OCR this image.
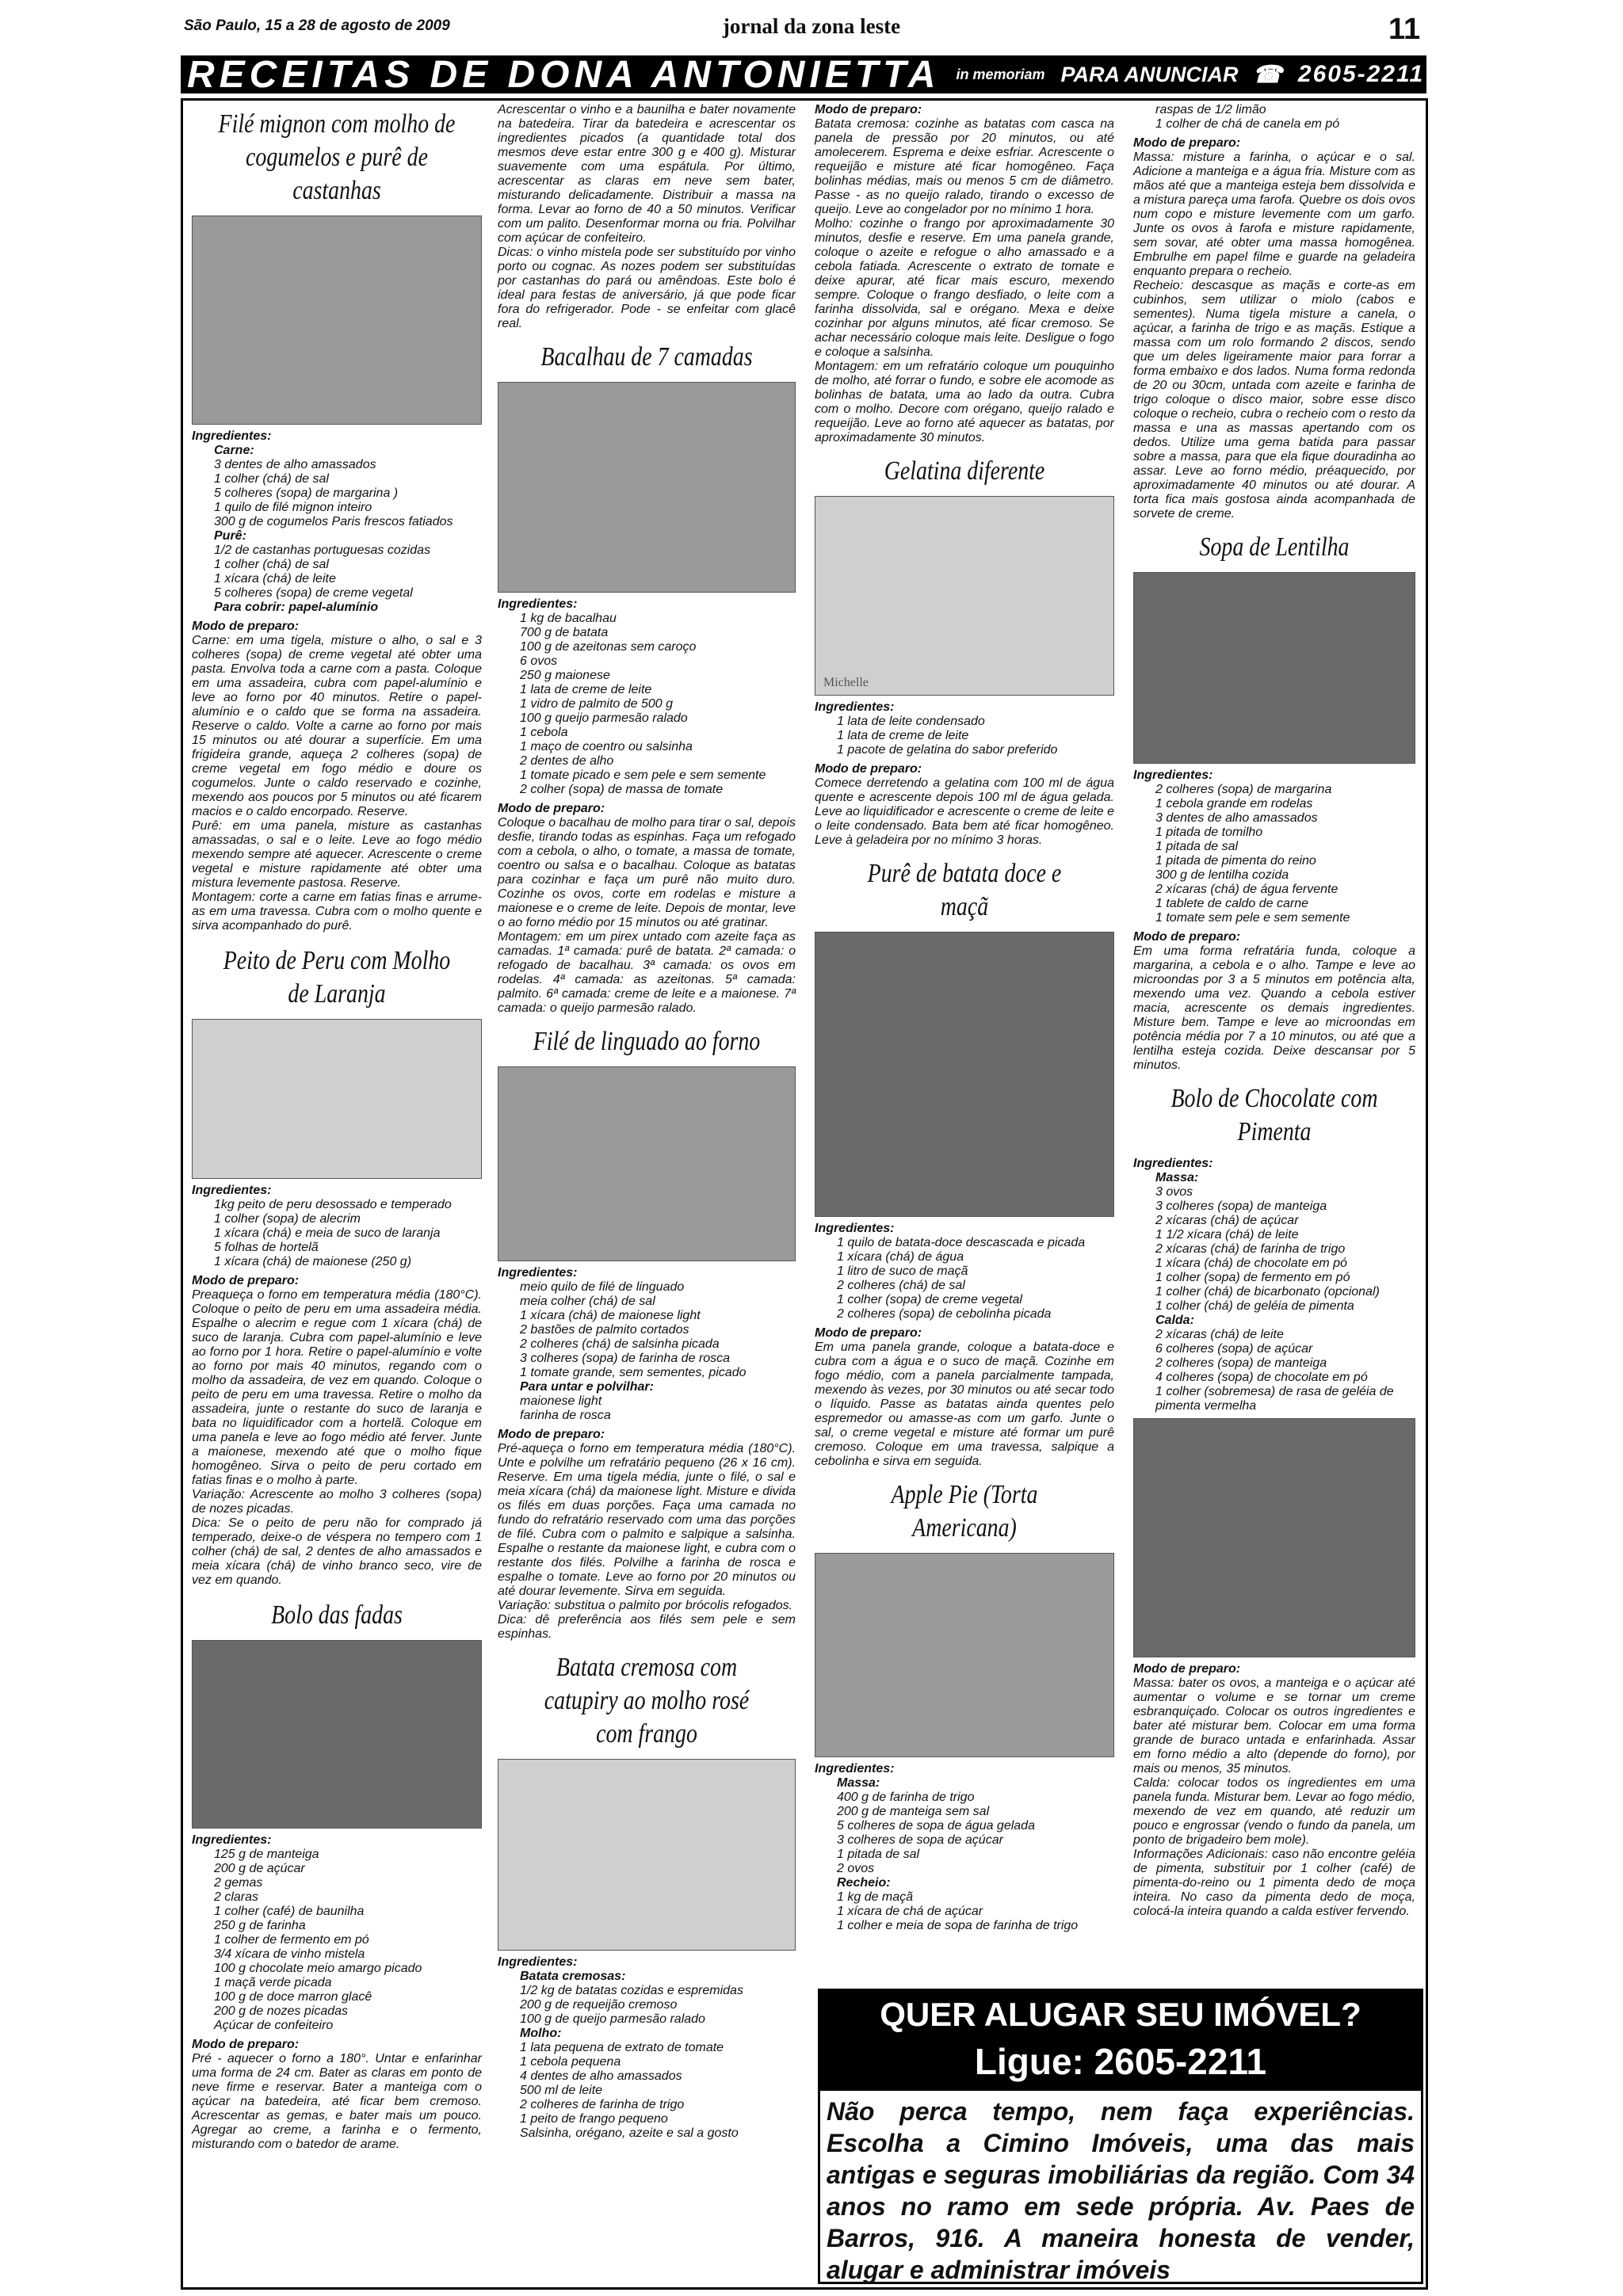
São Paulo, 15 a 28 de agosto de 2009	jornal da zona leste	11
RECEITAS DE DONA ANTONIETTA in memoriam PARA ANUNCIAR ☎ 2605-2211
Filé mignon com molho de cogumelos e purê de castanhas
Ingredientes:
Carne:
3 dentes de alho amassados
1 colher (chá) de sal
5 colheres (sopa) de margarina )
1 quilo de filé mignon inteiro
300 g de cogumelos Paris frescos fatiados
Purê:
1/2 de castanhas portuguesas cozidas
1 colher (chá) de sal
1 xícara (chá) de leite
5 colheres (sopa) de creme vegetal
Para cobrir: papel-alumínio
Modo de preparo:
Carne: em uma tigela, misture o alho, o sal e 3 colheres (sopa) de creme vegetal até obter uma pasta. Envolva toda a carne com a pasta. Coloque em uma assadeira, cubra com papel-alumínio e leve ao forno por 40 minutos. Retire o papel-alumínio e o caldo que se forma na assadeira. Reserve o caldo. Volte a carne ao forno por mais 15 minutos ou até dourar a superfície. Em uma frigideira grande, aqueça 2 colheres (sopa) de creme vegetal em fogo médio e doure os cogumelos. Junte o caldo reservado e cozinhe, mexendo aos poucos por 5 minutos ou até ficarem macios e o caldo encorpado. Reserve.
Purê: em uma panela, misture as castanhas amassadas, o sal e o leite. Leve ao fogo médio mexendo sempre até aquecer. Acrescente o creme vegetal e misture rapidamente até obter uma mistura levemente pastosa. Reserve.
Montagem: corte a carne em fatias finas e arrume-as em uma travessa. Cubra com o molho quente e sirva acompanhado do purê.
Peito de Peru com Molho de Laranja
Ingredientes:
1kg peito de peru desossado e temperado
1 colher (sopa) de alecrim
1 xícara (chá) e meia de suco de laranja
5 folhas de hortelã
1 xícara (chá) de maionese (250 g)
Modo de preparo:
Preaqueça o forno em temperatura média (180°C). Coloque o peito de peru em uma assadeira média. Espalhe o alecrim e regue com 1 xícara (chá) de suco de laranja. Cubra com papel-alumínio e leve ao forno por 1 hora. Retire o papel-alumínio e volte ao forno por mais 40 minutos, regando com o molho da assadeira, de vez em quando. Coloque o peito de peru em uma travessa. Retire o molho da assadeira, junte o restante do suco de laranja e bata no liquidificador com a hortelã. Coloque em uma panela e leve ao fogo médio até ferver. Junte a maionese, mexendo até que o molho fique homogêneo. Sirva o peito de peru cortado em fatias finas e o molho à parte.
Variação: Acrescente ao molho 3 colheres (sopa) de nozes picadas.
Dica: Se o peito de peru não for comprado já temperado, deixe-o de véspera no tempero com 1 colher (chá) de sal, 2 dentes de alho amassados e meia xícara (chá) de vinho branco seco, vire de vez em quando.
Bolo das fadas
Ingredientes:
125 g de manteiga
200 g de açúcar
2 gemas
2 claras
1 colher (café) de baunilha
250 g de farinha
1 colher de fermento em pó
3/4 xícara de vinho mistela
100 g chocolate meio amargo picado
1 maçã verde picada
100 g de doce marron glacê
200 g de nozes picadas
Açúcar de confeiteiro
Modo de preparo:
Pré - aquecer o forno a 180°. Untar e enfarinhar uma forma de 24 cm. Bater as claras em ponto de neve firme e reservar. Bater a manteiga com o açúcar na batedeira, até ficar bem cremoso. Acrescentar as gemas, e bater mais um pouco. Agregar ao creme, a farinha e o fermento, misturando com o batedor de arame.
Acrescentar o vinho e a baunilha e bater novamente na batedeira. Tirar da batedeira e acrescentar os ingredientes picados (a quantidade total dos mesmos deve estar entre 300 g e 400 g). Misturar suavemente com uma espátula. Por último, acrescentar as claras em neve sem bater, misturando delicadamente. Distribuir a massa na forma. Levar ao forno de 40 a 50 minutos. Verificar com um palito. Desenformar morna ou fria. Polvilhar com açúcar de confeiteiro.
Dicas: o vinho mistela pode ser substituído por vinho porto ou cognac. As nozes podem ser substituídas por castanhas do pará ou amêndoas. Este bolo é ideal para festas de aniversário, já que pode ficar fora do refrigerador. Pode - se enfeitar com glacê real.
Bacalhau de 7 camadas
Ingredientes:
1 kg de bacalhau
700 g de batata
100 g de azeitonas sem caroço
6 ovos
250 g maionese
1 lata de creme de leite
1 vidro de palmito de 500 g
100 g queijo parmesão ralado
1 cebola
1 maço de coentro ou salsinha
2 dentes de alho
1 tomate picado e sem pele e sem semente
2 colher (sopa) de massa de tomate
Modo de preparo:
Coloque o bacalhau de molho para tirar o sal, depois desfie, tirando todas as espinhas. Faça um refogado com a cebola, o alho, o tomate, a massa de tomate, coentro ou salsa e o bacalhau. Coloque as batatas para cozinhar e faça um purê não muito duro. Cozinhe os ovos, corte em rodelas e misture a maionese e o creme de leite. Depois de montar, leve o ao forno médio por 15 minutos ou até gratinar.
Montagem: em um pirex untado com azeite faça as camadas. 1ª camada: purê de batata. 2ª camada: o refogado de bacalhau. 3ª camada: os ovos em rodelas. 4ª camada: as azeitonas. 5ª camada: palmito. 6ª camada: creme de leite e a maionese. 7ª camada: o queijo parmesão ralado.
Filé de linguado ao forno
Ingredientes:
meio quilo de filé de linguado
meia colher (chá) de sal
1 xícara (chá) de maionese light
2 bastões de palmito cortados
2 colheres (chá) de salsinha picada
3 colheres (sopa) de farinha de rosca
1 tomate grande, sem sementes, picado
Para untar e polvilhar:
maionese light
farinha de rosca
Modo de preparo:
Pré-aqueça o forno em temperatura média (180°C). Unte e polvilhe um refratário pequeno (26 x 16 cm). Reserve. Em uma tigela média, junte o filé, o sal e meia xícara (chá) da maionese light. Misture e divida os filés em duas porções. Faça uma camada no fundo do refratário reservado com uma das porções de filé. Cubra com o palmito e salpique a salsinha. Espalhe o restante da maionese light, e cubra com o restante dos filés. Polvilhe a farinha de rosca e espalhe o tomate. Leve ao forno por 20 minutos ou até dourar levemente. Sirva em seguida.
Variação: substitua o palmito por brócolis refogados.
Dica: dê preferência aos filés sem pele e sem espinhas.
Batata cremosa com catupiry ao molho rosé com frango
Ingredientes:
Batata cremosas:
1/2 kg de batatas cozidas e espremidas
200 g de requeijão cremoso
100 g de queijo parmesão ralado
Molho:
1 lata pequena de extrato de tomate
1 cebola pequena
4 dentes de alho amassados
500 ml de leite
2 colheres de farinha de trigo
1 peito de frango pequeno
Salsinha, orégano, azeite e sal a gosto
Modo de preparo:
Batata cremosa: cozinhe as batatas com casca na panela de pressão por 20 minutos, ou até amolecerem. Esprema e deixe esfriar. Acrescente o requeijão e misture até ficar homogêneo. Faça bolinhas médias, mais ou menos 5 cm de diâmetro. Passe - as no queijo ralado, tirando o excesso de queijo. Leve ao congelador por no mínimo 1 hora.
Molho: cozinhe o frango por aproximadamente 30 minutos, desfie e reserve. Em uma panela grande, coloque o azeite e refogue o alho amassado e a cebola fatiada. Acrescente o extrato de tomate e deixe apurar, até ficar mais escuro, mexendo sempre. Coloque o frango desfiado, o leite com a farinha dissolvida, sal e orégano. Mexa e deixe cozinhar por alguns minutos, até ficar cremoso. Se achar necessário coloque mais leite. Desligue o fogo e coloque a salsinha.
Montagem: em um refratário coloque um pouquinho de molho, até forrar o fundo, e sobre ele acomode as bolinhas de batata, uma ao lado da outra. Cubra com o molho. Decore com orégano, queijo ralado e requeijão. Leve ao forno até aquecer as batatas, por aproximadamente 30 minutos.
Gelatina diferente
Michelle
Ingredientes:
1 lata de leite condensado
1 lata de creme de leite
1 pacote de gelatina do sabor preferido
Modo de preparo:
Comece derretendo a gelatina com 100 ml de água quente e acrescente depois 100 ml de água gelada. Leve ao liquidificador e acrescente o creme de leite e o leite condensado. Bata bem até ficar homogêneo. Leve à geladeira por no mínimo 3 horas.
Purê de batata doce e maçã
Ingredientes:
1 quilo de batata-doce descascada e picada
1 xícara (chá) de água
1 litro de suco de maçã
2 colheres (chá) de sal
1 colher (sopa) de creme vegetal
2 colheres (sopa) de cebolinha picada
Modo de preparo:
Em uma panela grande, coloque a batata-doce e cubra com a água e o suco de maçã. Cozinhe em fogo médio, com a panela parcialmente tampada, mexendo às vezes, por 30 minutos ou até secar todo o líquido. Passe as batatas ainda quentes pelo espremedor ou amasse-as com um garfo. Junte o sal, o creme vegetal e misture até formar um purê cremoso. Coloque em uma travessa, salpique a cebolinha e sirva em seguida.
Apple Pie (Torta Americana)
Ingredientes:
Massa:
400 g de farinha de trigo
200 g de manteiga sem sal
5 colheres de sopa de água gelada
3 colheres de sopa de açúcar
1 pitada de sal
2 ovos
Recheio:
1 kg de maçã
1 xícara de chá de açúcar
1 colher e meia de sopa de farinha de trigo
raspas de 1/2 limão
1 colher de chá de canela em pó
Modo de preparo:
Massa: misture a farinha, o açúcar e o sal. Adicione a manteiga e a água fria. Misture com as mãos até que a manteiga esteja bem dissolvida e a mistura pareça uma farofa. Quebre os dois ovos num copo e misture levemente com um garfo. Junte os ovos à farofa e misture rapidamente, sem sovar, até obter uma massa homogênea. Embrulhe em papel filme e guarde na geladeira enquanto prepara o recheio.
Recheio: descasque as maçãs e corte-as em cubinhos, sem utilizar o miolo (cabos e sementes). Numa tigela misture a canela, o açúcar, a farinha de trigo e as maçãs. Estique a massa com um rolo formando 2 discos, sendo que um deles ligeiramente maior para forrar a forma embaixo e dos lados. Numa forma redonda de 20 ou 30cm, untada com azeite e farinha de trigo coloque o disco maior, sobre esse disco coloque o recheio, cubra o recheio com o resto da massa e una as massas apertando com os dedos. Utilize uma gema batida para passar sobre a massa, para que ela fique douradinha ao assar. Leve ao forno médio, préaquecido, por aproximadamente 40 minutos ou até dourar. A torta fica mais gostosa ainda acompanhada de sorvete de creme.
Sopa de Lentilha
Ingredientes:
2 colheres (sopa) de margarina
1 cebola grande em rodelas
3 dentes de alho amassados
1 pitada de tomilho
1 pitada de sal
1 pitada de pimenta do reino
300 g de lentilha cozida
2 xícaras (chá) de água fervente
1 tablete de caldo de carne
1 tomate sem pele e sem semente
Modo de preparo:
Em uma forma refratária funda, coloque a margarina, a cebola e o alho. Tampe e leve ao microondas por 3 a 5 minutos em potência alta, mexendo uma vez. Quando a cebola estiver macia, acrescente os demais ingredientes. Misture bem. Tampe e leve ao microondas em potência média por 7 a 10 minutos, ou até que a lentilha esteja cozida. Deixe descansar por 5 minutos.
Bolo de Chocolate com Pimenta
Ingredientes:
Massa:
3 ovos
3 colheres (sopa) de manteiga
2 xícaras (chá) de açúcar
1 1/2 xícara (chá) de leite
2 xícaras (chá) de farinha de trigo
1 xícara (chá) de chocolate em pó
1 colher (sopa) de fermento em pó
1 colher (chá) de bicarbonato (opcional)
1 colher (chá) de geléia de pimenta
Calda:
2 xícaras (chá) de leite
6 colheres (sopa) de açúcar
2 colheres (sopa) de manteiga
4 colheres (sopa) de chocolate em pó
1 colher (sobremesa) de rasa de geléia de pimenta vermelha
Modo de preparo:
Massa: bater os ovos, a manteiga e o açúcar até aumentar o volume e se tornar um creme esbranquiçado. Colocar os outros ingredientes e bater até misturar bem. Colocar em uma forma grande de buraco untada e enfarinhada. Assar em forno médio a alto (depende do forno), por mais ou menos, 35 minutos.
Calda: colocar todos os ingredientes em uma panela funda. Misturar bem. Levar ao fogo médio, mexendo de vez em quando, até reduzir um pouco e engrossar (vendo o fundo da panela, um ponto de brigadeiro bem mole).
Informações Adicionais: caso não encontre geléia de pimenta, substituir por 1 colher (café) de pimenta-do-reino ou 1 pimenta dedo de moça inteira. No caso da pimenta dedo de moça, colocá-la inteira quando a calda estiver fervendo.
QUER ALUGAR SEU IMÓVEL?
Ligue: 2605-2211
Não perca tempo, nem faça experiências. Escolha a Cimino Imóveis, uma das mais antigas e seguras imobiliárias da região. Com 34 anos no ramo em sede própria. Av. Paes de Barros, 916. A maneira honesta de vender, alugar e administrar imóveis
